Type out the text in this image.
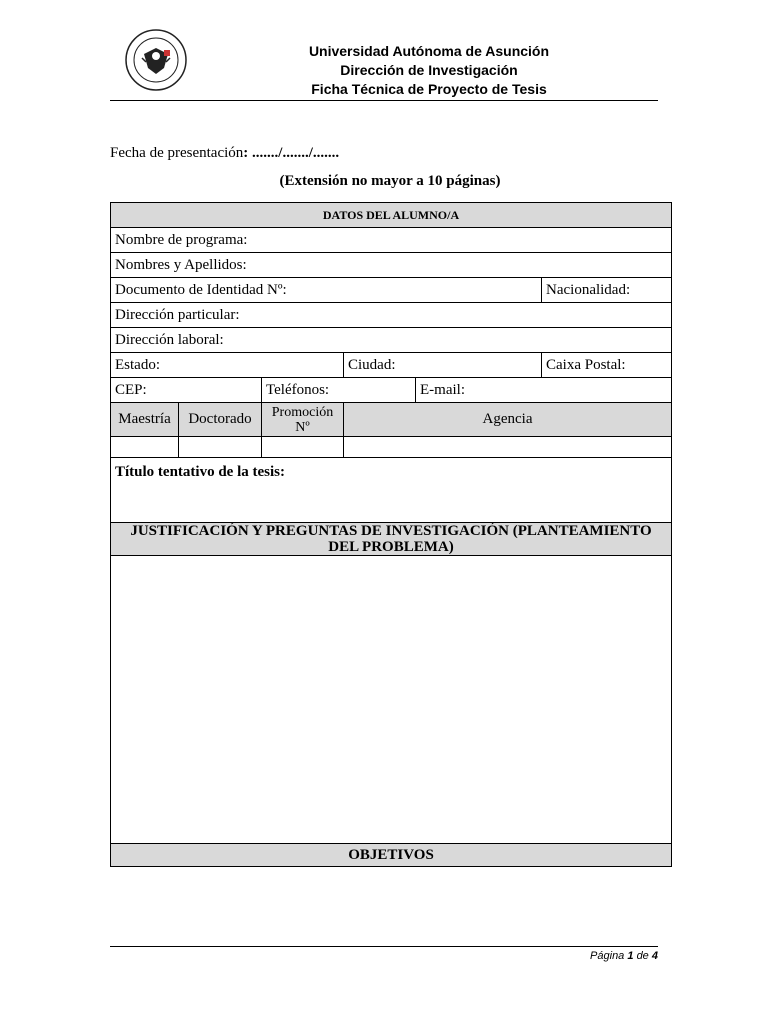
Universidad Autónoma de Asunción
Dirección de Investigación
Ficha Técnica de Proyecto de Tesis
Fecha de presentación: ......./......./.......
(Extensión no mayor a 10 páginas)
DATOS DEL ALUMNO/A					
Nombre de programa:					
Nombres y Apellidos:					
Documento de Identidad Nº:					Nacionalidad:
Dirección particular:					
Dirección laboral:					
Estado:			Ciudad:		Caixa Postal:
CEP:		Teléfonos:		E-mail:	
Maestría	Doctorado	Promoción Nº	Agencia		

Título tentativo de la tesis:					
JUSTIFICACIÓN Y PREGUNTAS DE INVESTIGACIÓN (PLANTEAMIENTO DEL PROBLEMA)					

OBJETIVOS					
Página 1 de 4
